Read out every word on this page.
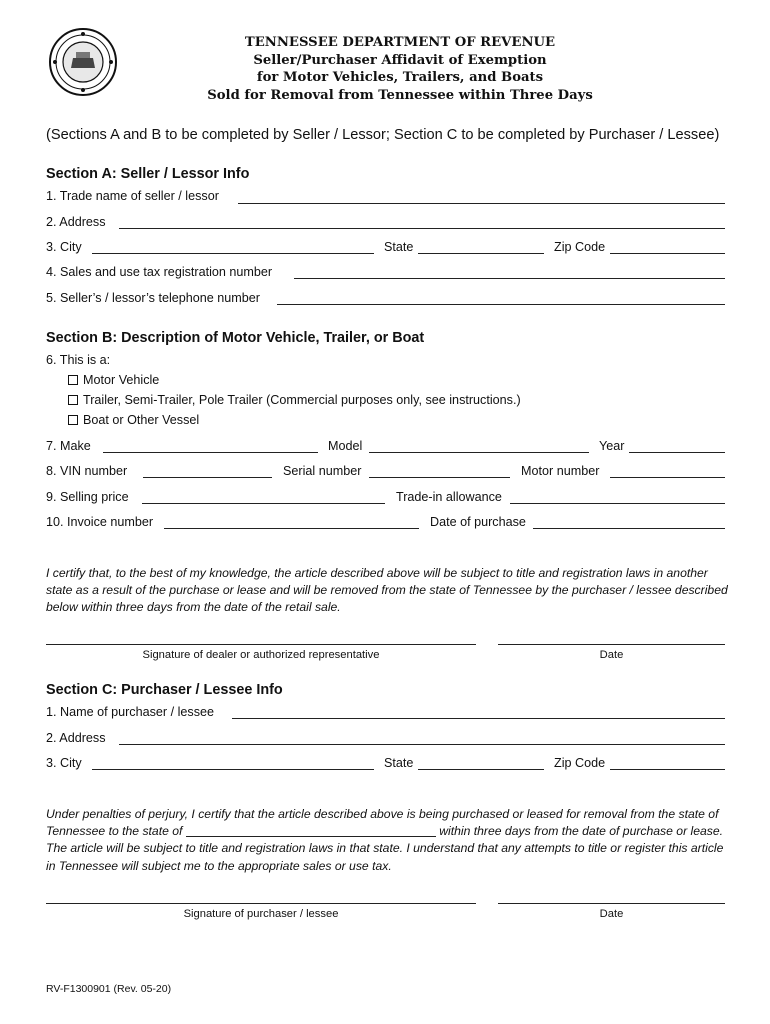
TENNESSEE DEPARTMENT OF REVENUE
Seller/Purchaser Affidavit of Exemption
for Motor Vehicles, Trailers, and Boats
Sold for Removal from Tennessee within Three Days
(Sections A and B to be completed by Seller / Lessor; Section C to be completed by Purchaser / Lessee)
Section A: Seller / Lessor Info
1. Trade name of seller / lessor
2. Address
3. City	State	Zip Code
4. Sales and use tax registration number
5. Seller’s / lessor’s telephone number
Section B: Description of Motor Vehicle, Trailer, or Boat
6. This is a:
Motor Vehicle
Trailer, Semi-Trailer, Pole Trailer (Commercial purposes only, see instructions.)
Boat or Other Vessel
7. Make	Model	Year
8. VIN number	Serial number	Motor number
9. Selling price	Trade-in allowance
10. Invoice number	Date of purchase
I certify that, to the best of my knowledge, the article described above will be subject to title and registration laws in another state as a result of the purchase or lease and will be removed from the state of Tennessee by the purchaser / lessee described below within three days from the date of the retail sale.
Signature of dealer or authorized representative	Date
Section C: Purchaser / Lessee Info
1. Name of purchaser / lessee
2. Address
3. City	State	Zip Code
Under penalties of perjury, I certify that the article described above is being purchased or leased for removal from the state of Tennessee to the state of	within three days from the date of purchase or lease. The article will be subject to title and registration laws in that state. I understand that any attempts to title or register this article in Tennessee will subject me to the appropriate sales or use tax.
Signature of purchaser / lessee	Date
RV-F1300901 (Rev. 05-20)
